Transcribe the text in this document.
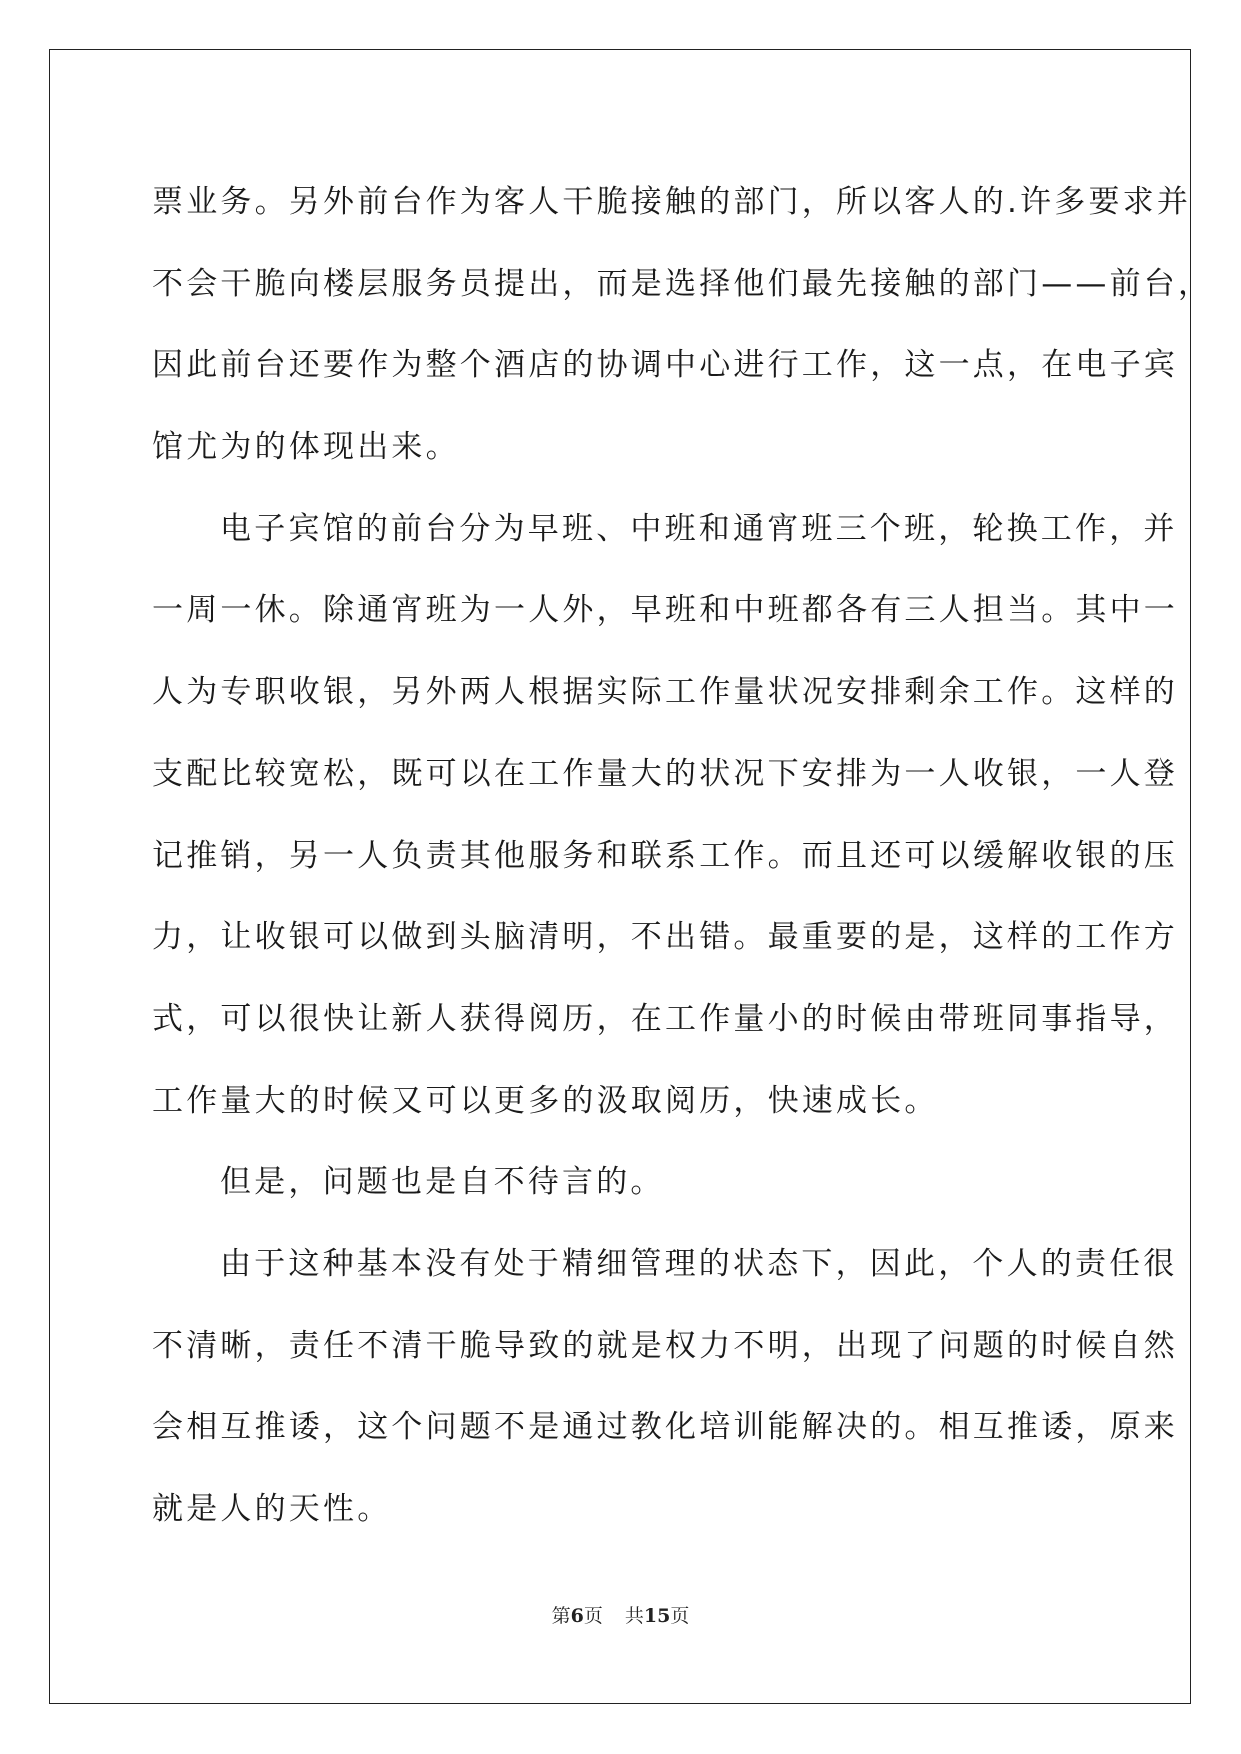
票业务。另外前台作为客人干脆接触的部门，所以客人的.许多要求并
不会干脆向楼层服务员提出，而是选择他们最先接触的部门——前台，
因此前台还要作为整个酒店的协调中心进行工作，这一点，在电子宾
馆尤为的体现出来。
电子宾馆的前台分为早班、中班和通宵班三个班，轮换工作，并
一周一休。除通宵班为一人外，早班和中班都各有三人担当。其中一
人为专职收银，另外两人根据实际工作量状况安排剩余工作。这样的
支配比较宽松，既可以在工作量大的状况下安排为一人收银，一人登
记推销，另一人负责其他服务和联系工作。而且还可以缓解收银的压
力，让收银可以做到头脑清明，不出错。最重要的是，这样的工作方
式，可以很快让新人获得阅历，在工作量小的时候由带班同事指导，
工作量大的时候又可以更多的汲取阅历，快速成长。
但是，问题也是自不待言的。
由于这种基本没有处于精细管理的状态下，因此，个人的责任很
不清晰，责任不清干脆导致的就是权力不明，出现了问题的时候自然
会相互推诿，这个问题不是通过教化培训能解决的。相互推诿，原来
就是人的天性。
第6页 共15页
